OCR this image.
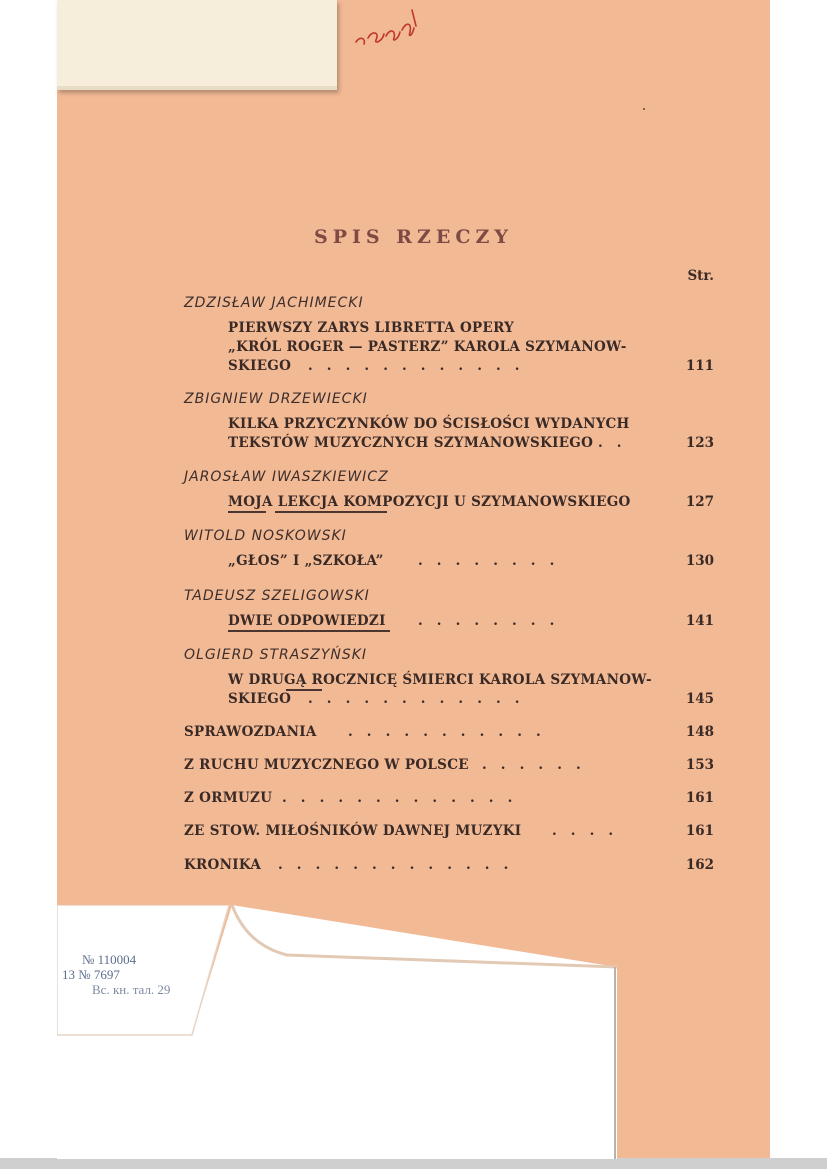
SPIS RZECZY
Str.
ZDZISŁAW JACHIMECKI
PIERWSZY ZARYS LIBRETTA OPERY
„KRÓL ROGER — PASTERZ” KAROLA SZYMANOW-
SKIEGO .   .   .   .   .   .   .   .   .   .   .   .	111
ZBIGNIEW DRZEWIECKI
KILKA PRZYCZYNKÓW DO ŚCISŁOŚCI WYDANYCH
TEKSTÓW MUZYCZNYCH SZYMANOWSKIEGO .   .	123
JAROSŁAW IWASZKIEWICZ
MOJA LEKCJA KOMPOZYCJI U SZYMANOWSKIEGO	127
WITOLD NOSKOWSKI
„GŁOS” I „SZKOŁA”	.   .   .   .   .   .   .   .	130
TADEUSZ SZELIGOWSKI
DWIE ODPOWIEDZI .   .   .   .   .   .   .   .	141
OLGIERD STRASZYŃSKI
W DRUGĄ ROCZNICĘ ŚMIERCI KAROLA SZYMANOW-
SKIEGO .   .   .   .   .   .   .   .   .   .   .   .	145
SPRAWOZDANIA .   .   .   .   .   .   .   .   .   .   .	148
Z RUCHU MUZYCZNEGO W POLSCE .   .   .   .   .   .	153
Z ORMUZU .   .   .   .   .   .   .   .   .   .   .   .   .	161
ZE STOW. MIŁOŚNIKÓW DAWNEJ MUZYKI .   .   .   .	161
KRONIKA .   .   .   .   .   .   .   .   .   .   .   .   .	162
№ 110004
13 № 7697
Вс. кн. тал. 29
